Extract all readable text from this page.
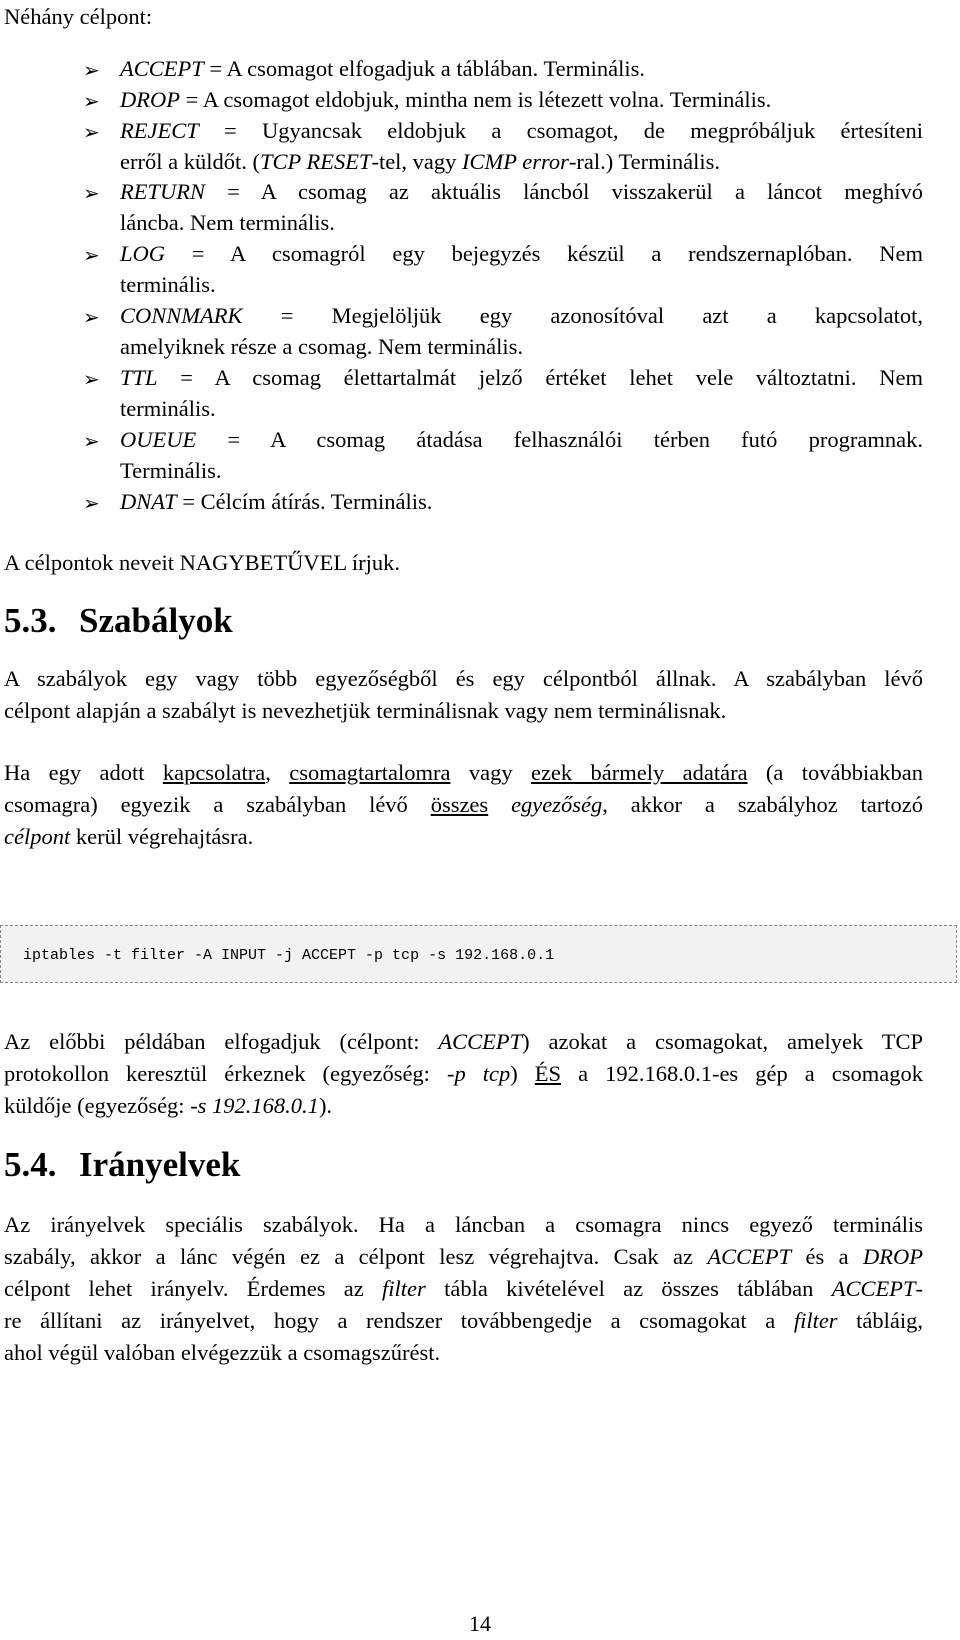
Néhány célpont:
➢ ACCEPT = A csomagot elfogadjuk a táblában. Terminális.
➢ DROP = A csomagot eldobjuk, mintha nem is létezett volna. Terminális.
➢ REJECT = Ugyancsak eldobjuk a csomagot, de megpróbáljuk értesíteni
erről a küldőt. (TCP RESET-tel, vagy ICMP error-ral.) Terminális.
➢ RETURN = A csomag az aktuális láncból visszakerül a láncot meghívó
láncba. Nem terminális.
➢ LOG = A csomagról egy bejegyzés készül a rendszernaplóban. Nem
terminális.
➢ CONNMARK = Megjelöljük egy azonosítóval azt a kapcsolatot,
amelyiknek része a csomag. Nem terminális.
➢ TTL = A csomag élettartalmát jelző értéket lehet vele változtatni. Nem
terminális.
➢ OUEUE = A csomag átadása felhasználói térben futó programnak.
Terminális.
➢ DNAT = Célcím átírás. Terminális.
A célpontok neveit NAGYBETŰVEL írjuk.
5.3. Szabályok
A szabályok egy vagy több egyezőségből és egy célpontból állnak. A szabályban lévő
célpont alapján a szabályt is nevezhetjük terminálisnak vagy nem terminálisnak.
Ha egy adott kapcsolatra, csomagtartalomra vagy ezek bármely adatára (a továbbiakban
csomagra) egyezik a szabályban lévő összes egyezőség, akkor a szabályhoz tartozó
célpont kerül végrehajtásra.
iptables -t filter -A INPUT -j ACCEPT -p tcp -s 192.168.0.1
Az előbbi példában elfogadjuk (célpont: ACCEPT) azokat a csomagokat, amelyek TCP
protokollon keresztül érkeznek (egyezőség: -p tcp) ÉS a 192.168.0.1-es gép a csomagok
küldője (egyezőség: -s 192.168.0.1).
5.4. Irányelvek
Az irányelvek speciális szabályok. Ha a láncban a csomagra nincs egyező terminális
szabály, akkor a lánc végén ez a célpont lesz végrehajtva. Csak az ACCEPT és a DROP
célpont lehet irányelv. Érdemes az filter tábla kivételével az összes táblában ACCEPT-
re állítani az irányelvet, hogy a rendszer továbbengedje a csomagokat a filter tábláig,
ahol végül valóban elvégezzük a csomagszűrést.
14
